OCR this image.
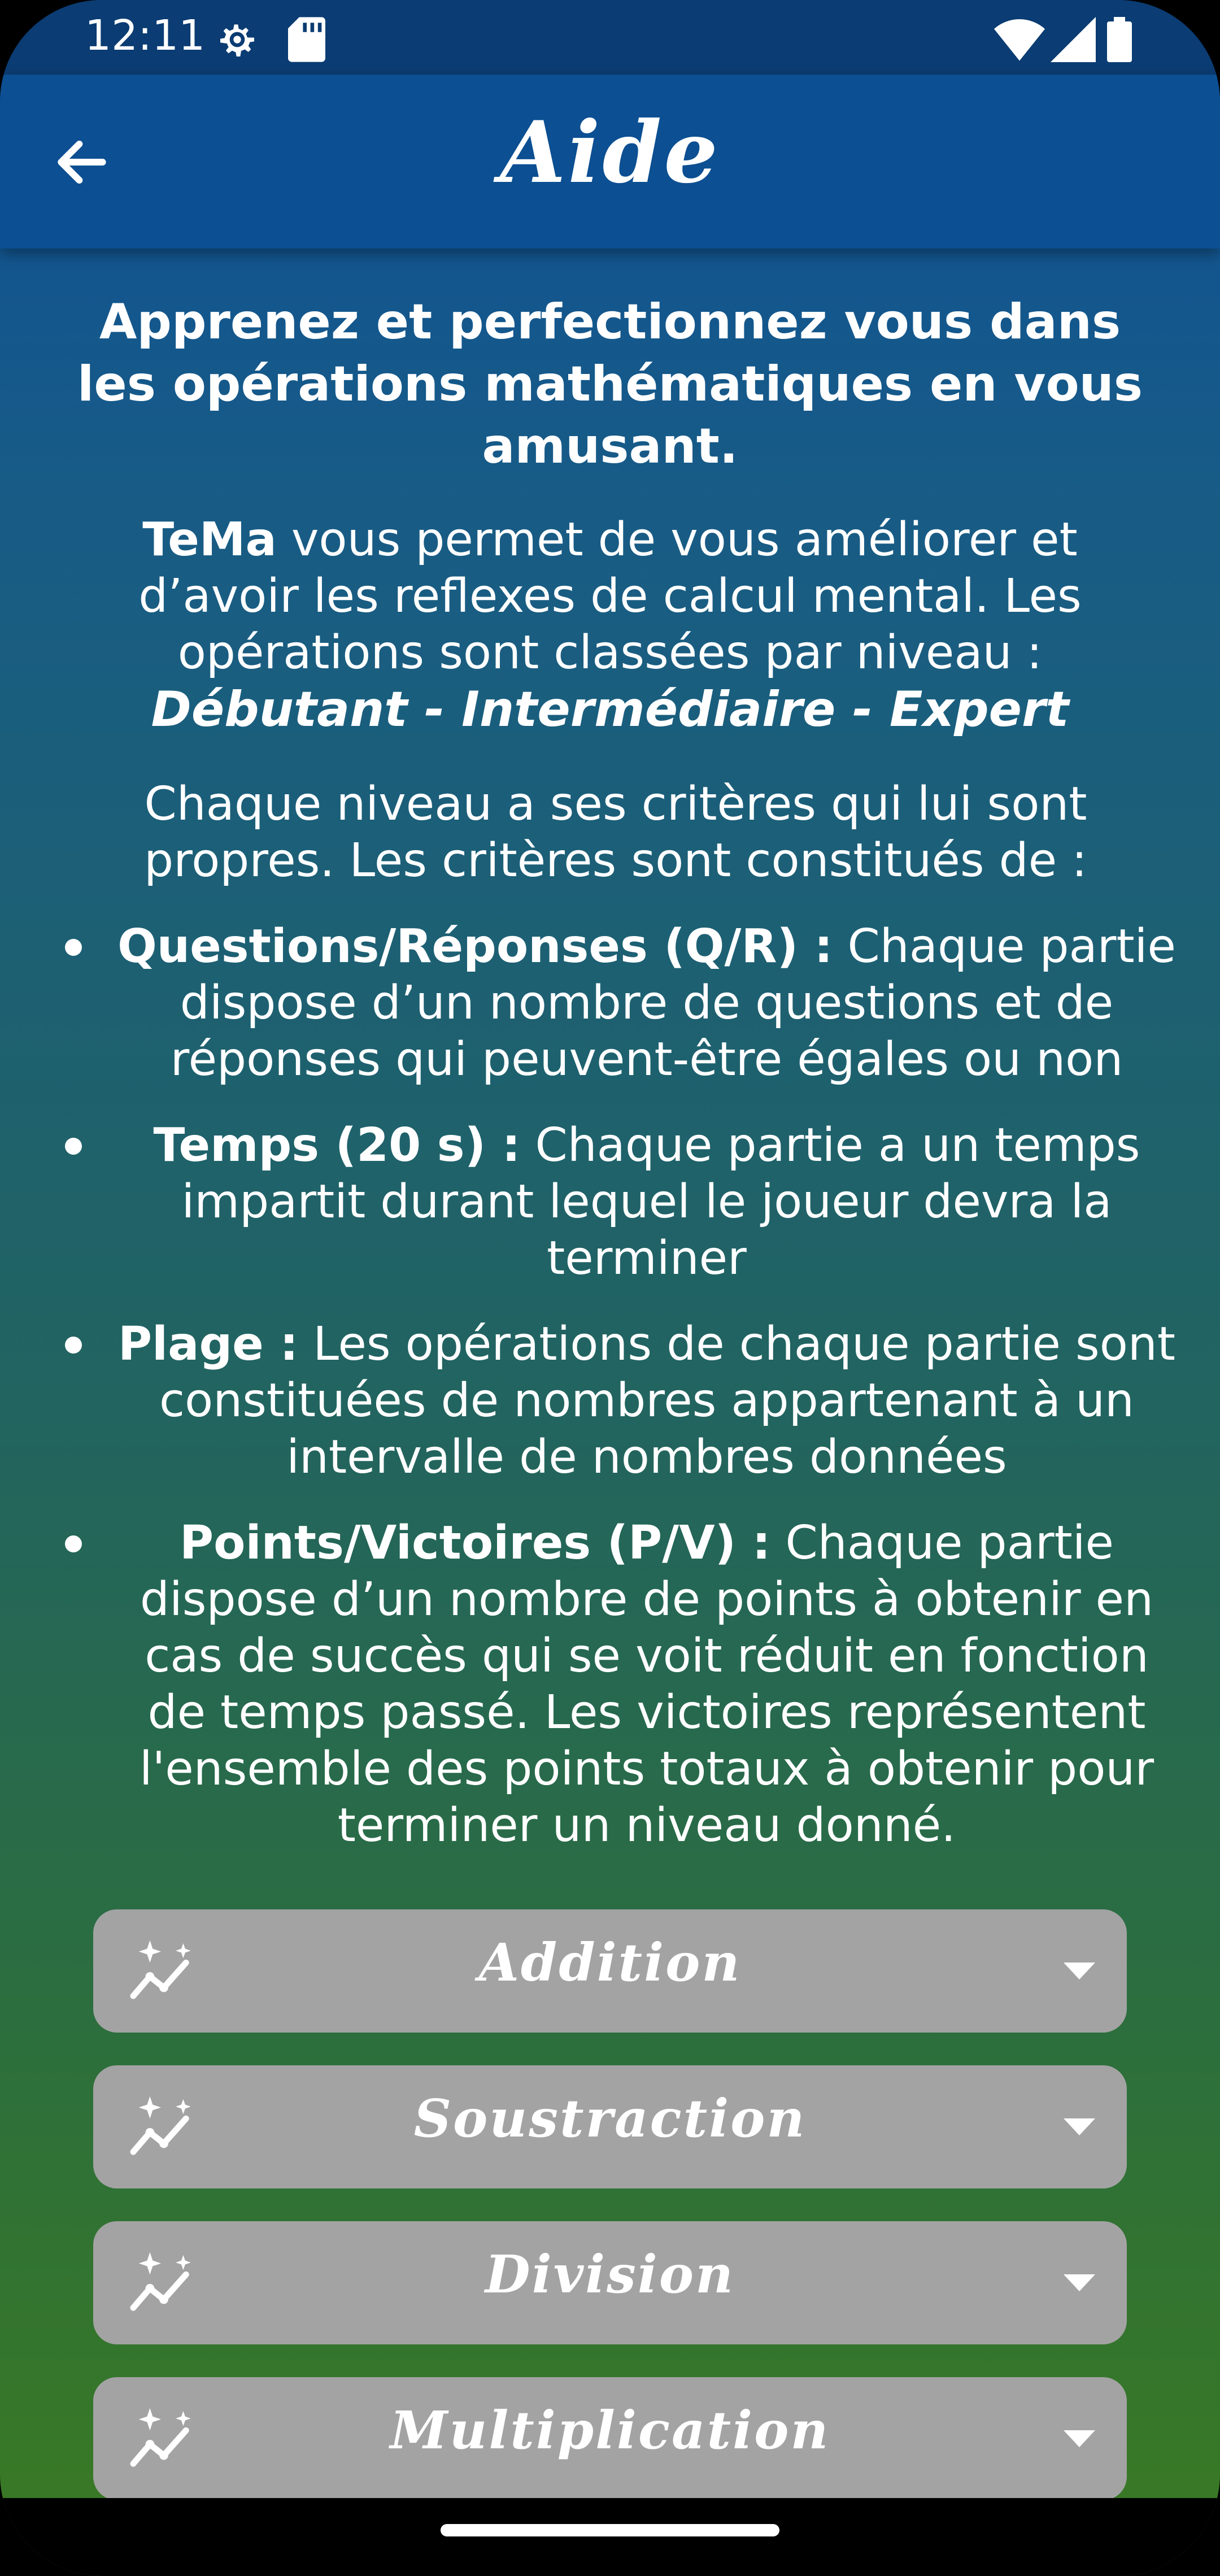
12:11
Aide
Apprenez et perfectionnez vous dans les opérations mathématiques en vous amusant.
TeMa vous permet de vous améliorer et d’avoir les reflexes de calcul mental. Les opérations sont classées par niveau :
Débutant - Intermédiaire - Expert
Chaque niveau a ses critères qui lui sont propres. Les critères sont constitués de :
Questions/Réponses (Q/R) : Chaque partie dispose d’un nombre de questions et de réponses qui peuvent-être égales ou non
Temps (20 s) : Chaque partie a un temps impartit durant lequel le joueur devra la terminer
Plage : Les opérations de chaque partie sont constituées de nombres appartenant à un intervalle de nombres données
Points/Victoires (P/V) : Chaque partie dispose d’un nombre de points à obtenir en cas de succès qui se voit réduit en fonction de temps passé. Les victoires représentent l'ensemble des points totaux à obtenir pour terminer un niveau donné.
Addition
Soustraction
Division
Multiplication
